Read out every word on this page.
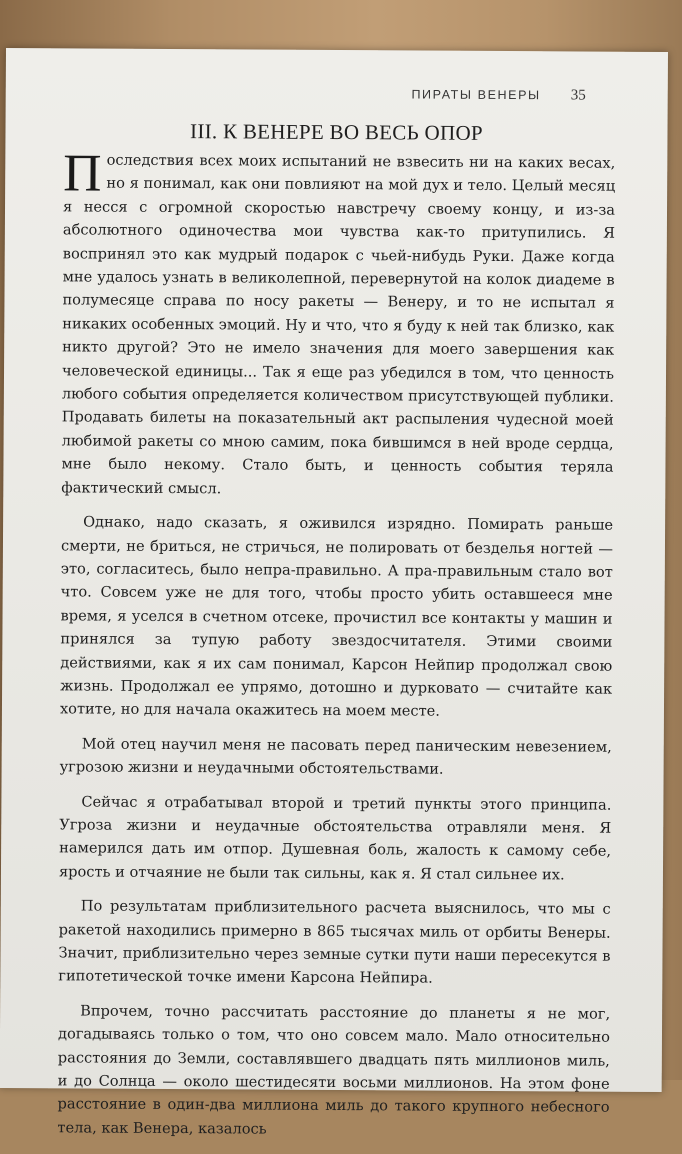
ПИРАТЫ ВЕНЕРЫ 35
III. К ВЕНЕРЕ ВО ВЕСЬ ОПОР

Последствия всех моих испытаний не взвесить ни на каких весах, но я понимал, как они повлияют на мой дух и тело. Целый месяц я несся с огромной скоростью навстречу своему концу, и из-за абсолютного одиночества мои чувства как-то притупились. Я воспринял это как мудрый подарок с чьей-нибудь Руки. Даже когда мне удалось узнать в великолепной, перевернутой на колок диадеме в полумесяце справа по носу ракеты — Венеру, и то не испытал я никаких особенных эмоций. Ну и что, что я буду к ней так близко, как никто другой? Это не имело значения для моего завершения как человеческой единицы... Так я еще раз убедился в том, что ценность любого события определяется количеством присутствующей публики. Продавать билеты на показательный акт распыления чудесной моей любимой ракеты со мною самим, пока бившимся в ней вроде сердца, мне было некому. Стало быть, и ценность события теряла фактический смысл.

Однако, надо сказать, я оживился изрядно. Помирать раньше смерти, не бриться, не стричься, не полировать от безделья ногтей — это, согласитесь, было непра-правильно. А пра-правильным стало вот что. Совсем уже не для того, чтобы просто убить оставшееся мне время, я уселся в счетном отсеке, прочистил все контакты у машин и принялся за тупую работу звездосчитателя. Этими своими действиями, как я их сам понимал, Карсон Нейпир продолжал свою жизнь. Продолжал ее упрямо, дотошно и дурковато — считайте как хотите, но для начала окажитесь на моем месте.

Мой отец научил меня не пасовать перед паническим невезением, угрозою жизни и неудачными обстоятельствами.

Сейчас я отрабатывал второй и третий пункты этого принципа. Угроза жизни и неудачные обстоятельства отравляли меня. Я намерился дать им отпор. Душевная боль, жалость к самому себе, ярость и отчаяние не были так сильны, как я. Я стал сильнее их.

По результатам приблизительного расчета выяснилось, что мы с ракетой находились примерно в 865 тысячах миль от орбиты Венеры. Значит, приблизительно через земные сутки пути наши пересекутся в гипотетической точке имени Карсона Нейпира.

Впрочем, точно рассчитать расстояние до планеты я не мог, догадываясь только о том, что оно совсем мало. Мало относительно расстояния до Земли, составлявшего двадцать пять миллионов миль, и до Солнца — около шестидесяти восьми миллионов. На этом фоне расстояние в один-два миллиона миль до такого крупного небесного тела, как Венера, казалось
